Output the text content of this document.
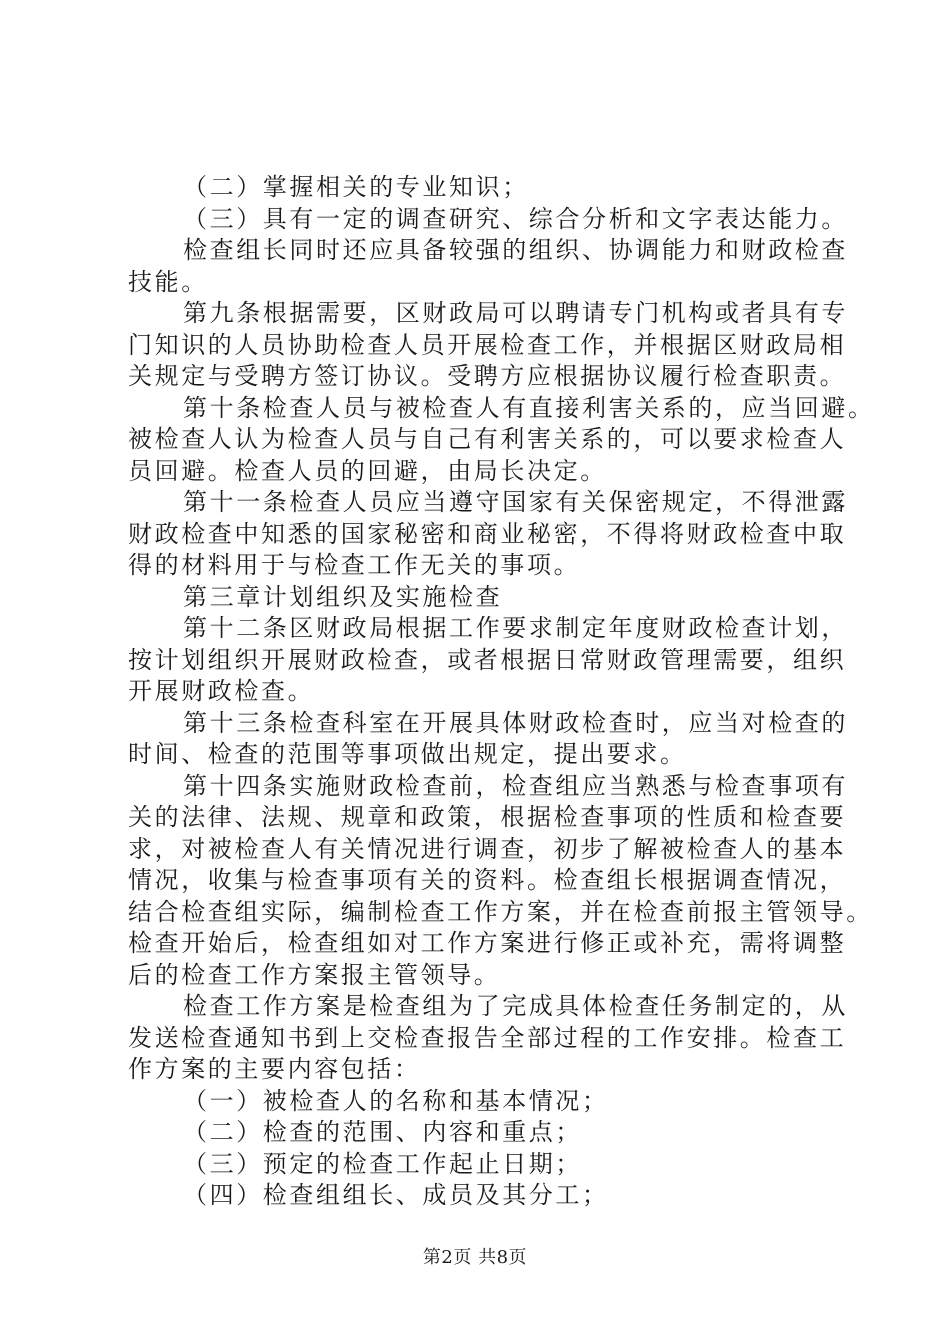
（二）掌握相关的专业知识；
（三）具有一定的调查研究、综合分析和文字表达能力。
检查组长同时还应具备较强的组织、协调能力和财政检查
技能。
第九条根据需要，区财政局可以聘请专门机构或者具有专
门知识的人员协助检查人员开展检查工作，并根据区财政局相
关规定与受聘方签订协议。受聘方应根据协议履行检查职责。
第十条检查人员与被检查人有直接利害关系的，应当回避。
被检查人认为检查人员与自己有利害关系的，可以要求检查人
员回避。检查人员的回避，由局长决定。
第十一条检查人员应当遵守国家有关保密规定，不得泄露
财政检查中知悉的国家秘密和商业秘密，不得将财政检查中取
得的材料用于与检查工作无关的事项。
第三章计划组织及实施检查
第十二条区财政局根据工作要求制定年度财政检查计划，
按计划组织开展财政检查，或者根据日常财政管理需要，组织
开展财政检查。
第十三条检查科室在开展具体财政检查时，应当对检查的
时间、检查的范围等事项做出规定，提出要求。
第十四条实施财政检查前，检查组应当熟悉与检查事项有
关的法律、法规、规章和政策，根据检查事项的性质和检查要
求，对被检查人有关情况进行调查，初步了解被检查人的基本
情况，收集与检查事项有关的资料。检查组长根据调查情况，
结合检查组实际，编制检查工作方案，并在检查前报主管领导。
检查开始后，检查组如对工作方案进行修正或补充，需将调整
后的检查工作方案报主管领导。
检查工作方案是检查组为了完成具体检查任务制定的，从
发送检查通知书到上交检查报告全部过程的工作安排。检查工
作方案的主要内容包括：
（一）被检查人的名称和基本情况；
（二）检查的范围、内容和重点；
（三）预定的检查工作起止日期；
（四）检查组组长、成员及其分工；
第2页 共8页
